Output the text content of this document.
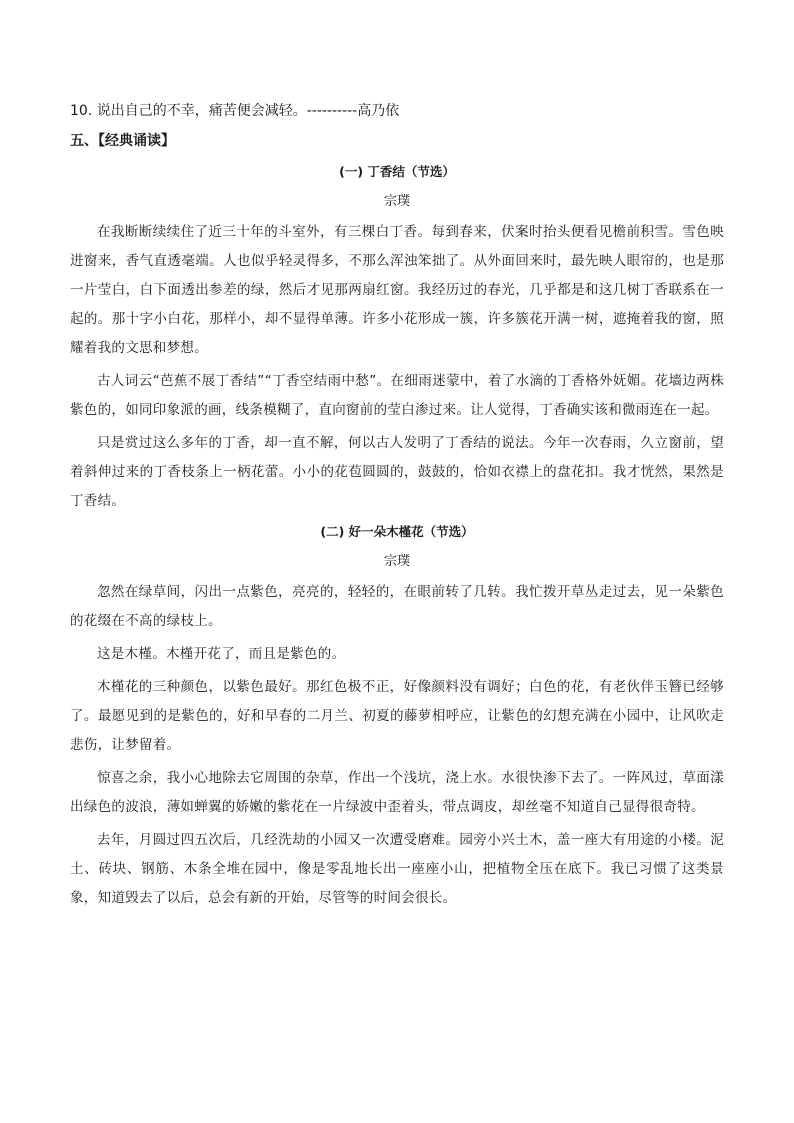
10. 说出自己的不幸，痛苦便会减轻。----------高乃依

五、【经典诵读】

(一) 丁香结（节选）

宗璞

在我断断续续住了近三十年的斗室外，有三棵白丁香。每到春来，伏案时抬头便看见檐前积雪。雪色映进窗来，香气直透毫端。人也似乎轻灵得多，不那么浑浊笨拙了。从外面回来时，最先映人眼帘的，也是那一片莹白，白下面透出参差的绿，然后才见那两扇红窗。我经历过的春光，几乎都是和这几树丁香联系在一起的。那十字小白花，那样小，却不显得单薄。许多小花形成一簇，许多簇花开满一树，遮掩着我的窗，照耀着我的文思和梦想。

古人词云“芭蕉不展丁香结”“丁香空结雨中愁”。在细雨迷蒙中，着了水滴的丁香格外妩媚。花墙边两株紫色的，如同印象派的画，线条模糊了，直向窗前的莹白渗过来。让人觉得，丁香确实该和微雨连在一起。

只是赏过这么多年的丁香，却一直不解，何以古人发明了丁香结的说法。今年一次春雨，久立窗前，望着斜伸过来的丁香枝条上一柄花蕾。小小的花苞圆圆的，鼓鼓的，恰如衣襟上的盘花扣。我才恍然，果然是丁香结。

(二) 好一朵木槿花（节选）

宗璞

忽然在绿草间，闪出一点紫色，亮亮的，轻轻的，在眼前转了几转。我忙拨开草丛走过去，见一朵紫色的花缀在不高的绿枝上。

这是木槿。木槿开花了，而且是紫色的。

木槿花的三种颜色，以紫色最好。那红色极不正，好像颜料没有调好；白色的花，有老伙伴玉簪已经够了。最愿见到的是紫色的，好和早春的二月兰、初夏的藤萝相呼应，让紫色的幻想充满在小园中，让风吹走悲伤，让梦留着。

惊喜之余，我小心地除去它周围的杂草，作出一个浅坑，浇上水。水很快渗下去了。一阵风过，草面漾出绿色的波浪，薄如蝉翼的娇嫩的紫花在一片绿波中歪着头，带点调皮，却丝毫不知道自己显得很奇特。

去年，月圆过四五次后，几经洗劫的小园又一次遭受磨难。园旁小兴土木，盖一座大有用途的小楼。泥土、砖块、钢筋、木条全堆在园中，像是零乱地长出一座座小山，把植物全压在底下。我已习惯了这类景象，知道毁去了以后，总会有新的开始，尽管等的时间会很长。
